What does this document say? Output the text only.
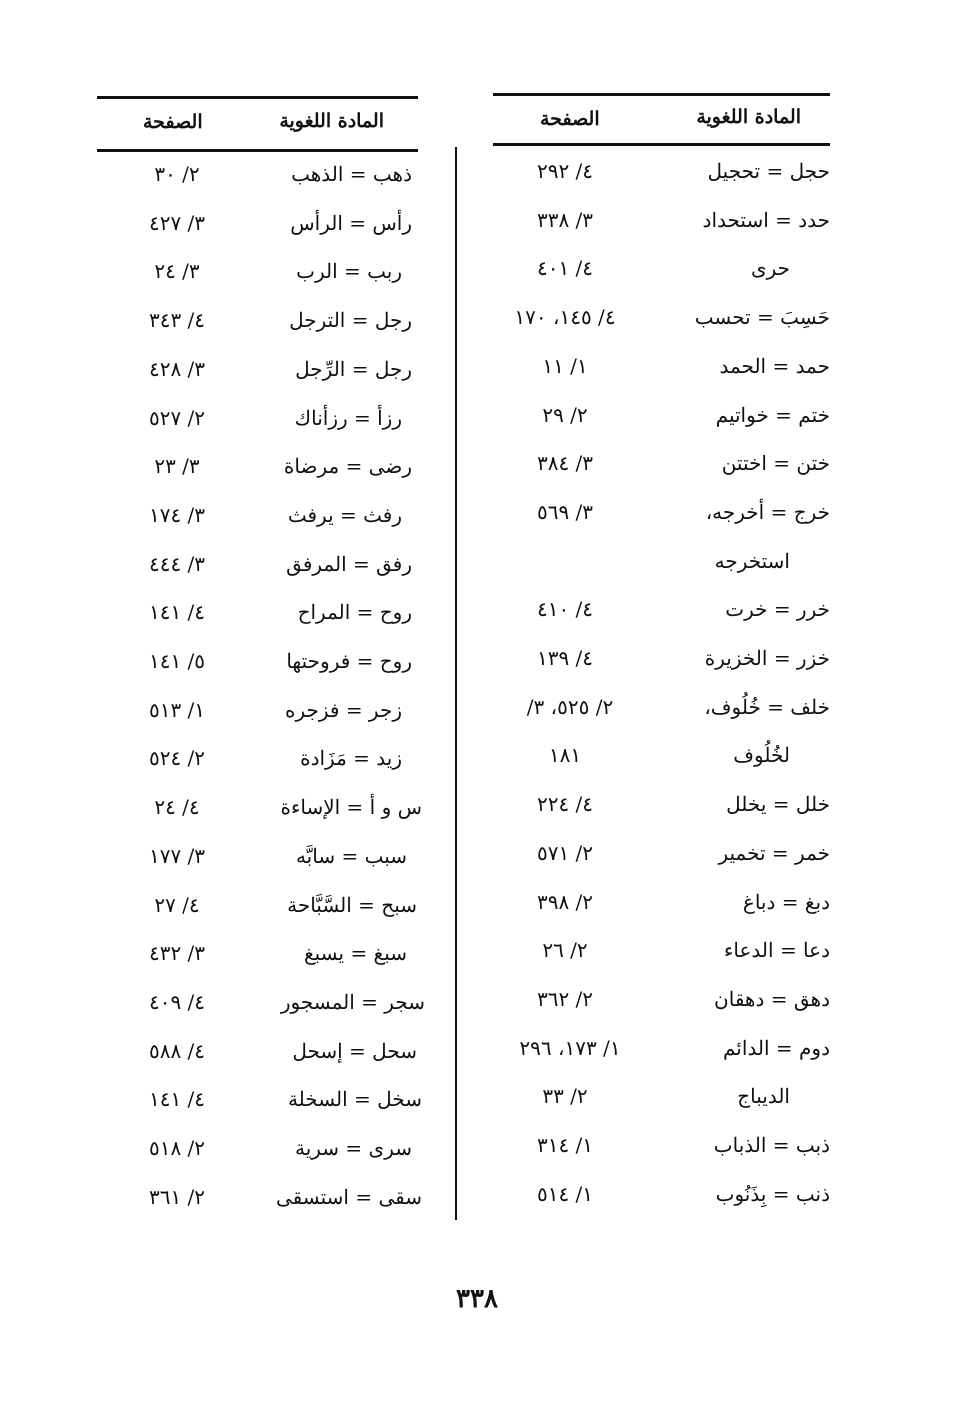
المادة اللغوية
الصفحة
المادة اللغوية
الصفحة
حجل = تحجيل
٤/ ٢٩٢
حدد = استحداد
٣/ ٣٣٨
حرى
٤/ ٤٠١
حَسِبَ = تحسب
٤/ ١٤٥، ١٧٠
حمد = الحمد
١/ ١١
ختم = خواتيم
٢/ ٢٩
ختن = اختتن
٣/ ٣٨٤
خرج = أخرجه،
٣/ ٥٦٩
استخرجه
خرر = خرت
٤/ ٤١٠
خزر = الخزيرة
٤/ ١٣٩
خلف = خُلُوف،
٢/ ٥٢٥، ٣/
لخُلُوف
١٨١
خلل = يخلل
٤/ ٢٢٤
خمر = تخمير
٢/ ٥٧١
دبغ = دباغ
٢/ ٣٩٨
دعا = الدعاء
٢/ ٢٦
دهق = دهقان
٢/ ٣٦٢
دوم = الدائم
١/ ١٧٣، ٢٩٦
الديباج
٢/ ٣٣
ذبب = الذباب
١/ ٣١٤
ذنب = بِذَنُوب
١/ ٥١٤
ذهب = الذهب
٢/ ٣٠
رأس = الرأس
٣/ ٤٢٧
ربب = الرب
٣/ ٢٤
رجل = الترجل
٤/ ٣٤٣
رجل = الرِّجل
٣/ ٤٢٨
رزأ = رزأناك
٢/ ٥٢٧
رضى = مرضاة
٣/ ٢٣
رفث = يرفث
٣/ ١٧٤
رفق = المرفق
٣/ ٤٤٤
روح = المراح
٤/ ١٤١
روح = فروحتها
٥/ ١٤١
زجر = فزجره
١/ ٥١٣
زيد = مَزَادة
٢/ ٥٢٤
س و أ = الإساءة
٤/ ٢٤
سبب = سابَّه
٣/ ١٧٧
سبح = السَّبَّاحة
٤/ ٢٧
سبغ = يسبغ
٣/ ٤٣٢
سجر = المسجور
٤/ ٤٠٩
سحل = إسحل
٤/ ٥٨٨
سخل = السخلة
٤/ ١٤١
سرى = سرية
٢/ ٥١٨
سقى = استسقى
٢/ ٣٦١
٣٣٨
